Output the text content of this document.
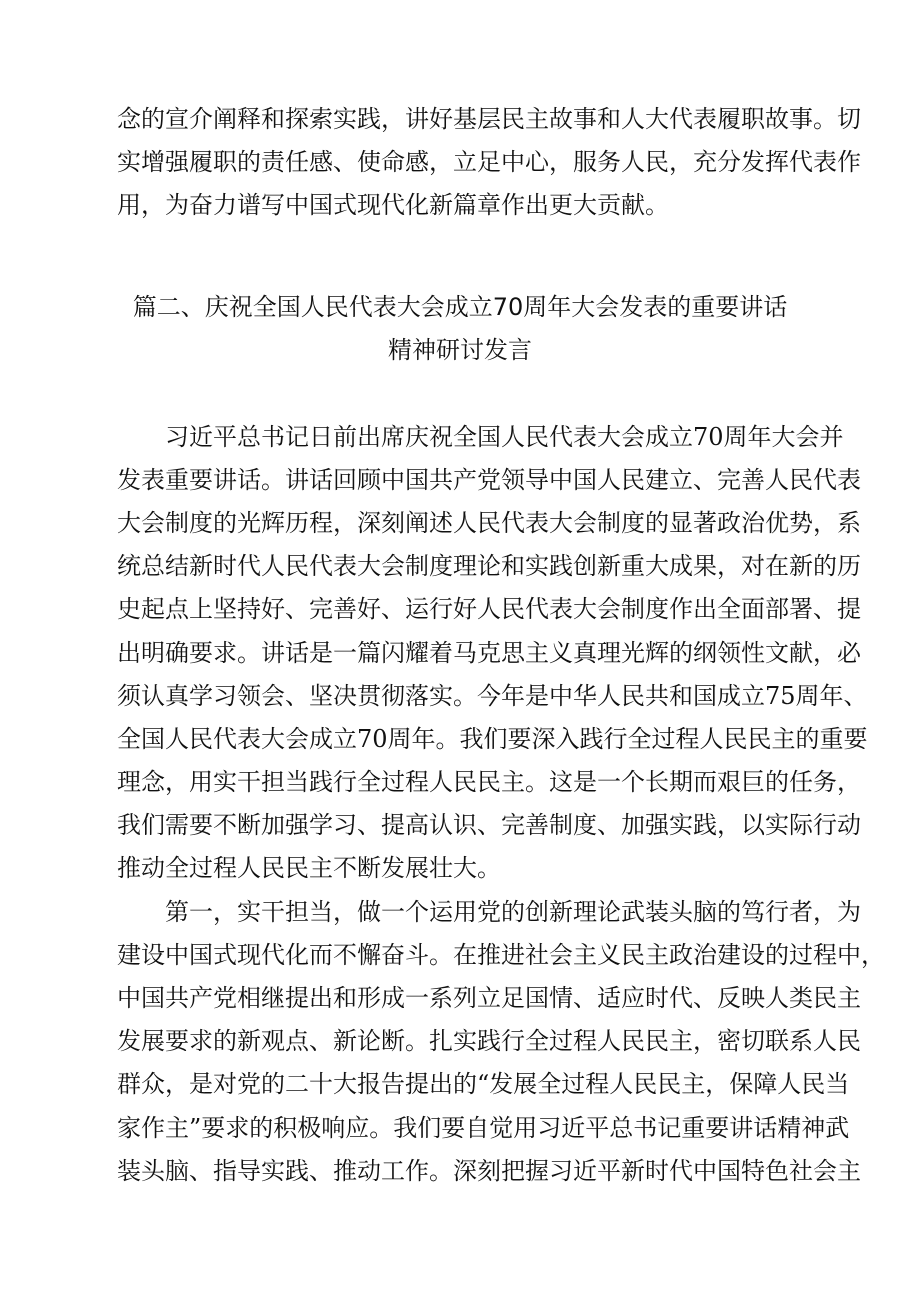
念的宣介阐释和探索实践，讲好基层民主故事和人大代表履职故事。切
实增强履职的责任感、使命感，立足中心，服务人民，充分发挥代表作
用，为奋力谱写中国式现代化新篇章作出更大贡献。
篇二、庆祝全国人民代表大会成立70周年大会发表的重要讲话
精神研讨发言
习近平总书记日前出席庆祝全国人民代表大会成立70周年大会并
发表重要讲话。讲话回顾中国共产党领导中国人民建立、完善人民代表
大会制度的光辉历程，深刻阐述人民代表大会制度的显著政治优势，系
统总结新时代人民代表大会制度理论和实践创新重大成果，对在新的历
史起点上坚持好、完善好、运行好人民代表大会制度作出全面部署、提
出明确要求。讲话是一篇闪耀着马克思主义真理光辉的纲领性文献，必
须认真学习领会、坚决贯彻落实。今年是中华人民共和国成立75周年、
全国人民代表大会成立70周年。我们要深入践行全过程人民民主的重要
理念，用实干担当践行全过程人民民主。这是一个长期而艰巨的任务，
我们需要不断加强学习、提高认识、完善制度、加强实践，以实际行动
推动全过程人民民主不断发展壮大。
第一，实干担当，做一个运用党的创新理论武装头脑的笃行者，为
建设中国式现代化而不懈奋斗。在推进社会主义民主政治建设的过程中，
中国共产党相继提出和形成一系列立足国情、适应时代、反映人类民主
发展要求的新观点、新论断。扎实践行全过程人民民主，密切联系人民
群众，是对党的二十大报告提出的“发展全过程人民民主，保障人民当
家作主”要求的积极响应。我们要自觉用习近平总书记重要讲话精神武
装头脑、指导实践、推动工作。深刻把握习近平新时代中国特色社会主
